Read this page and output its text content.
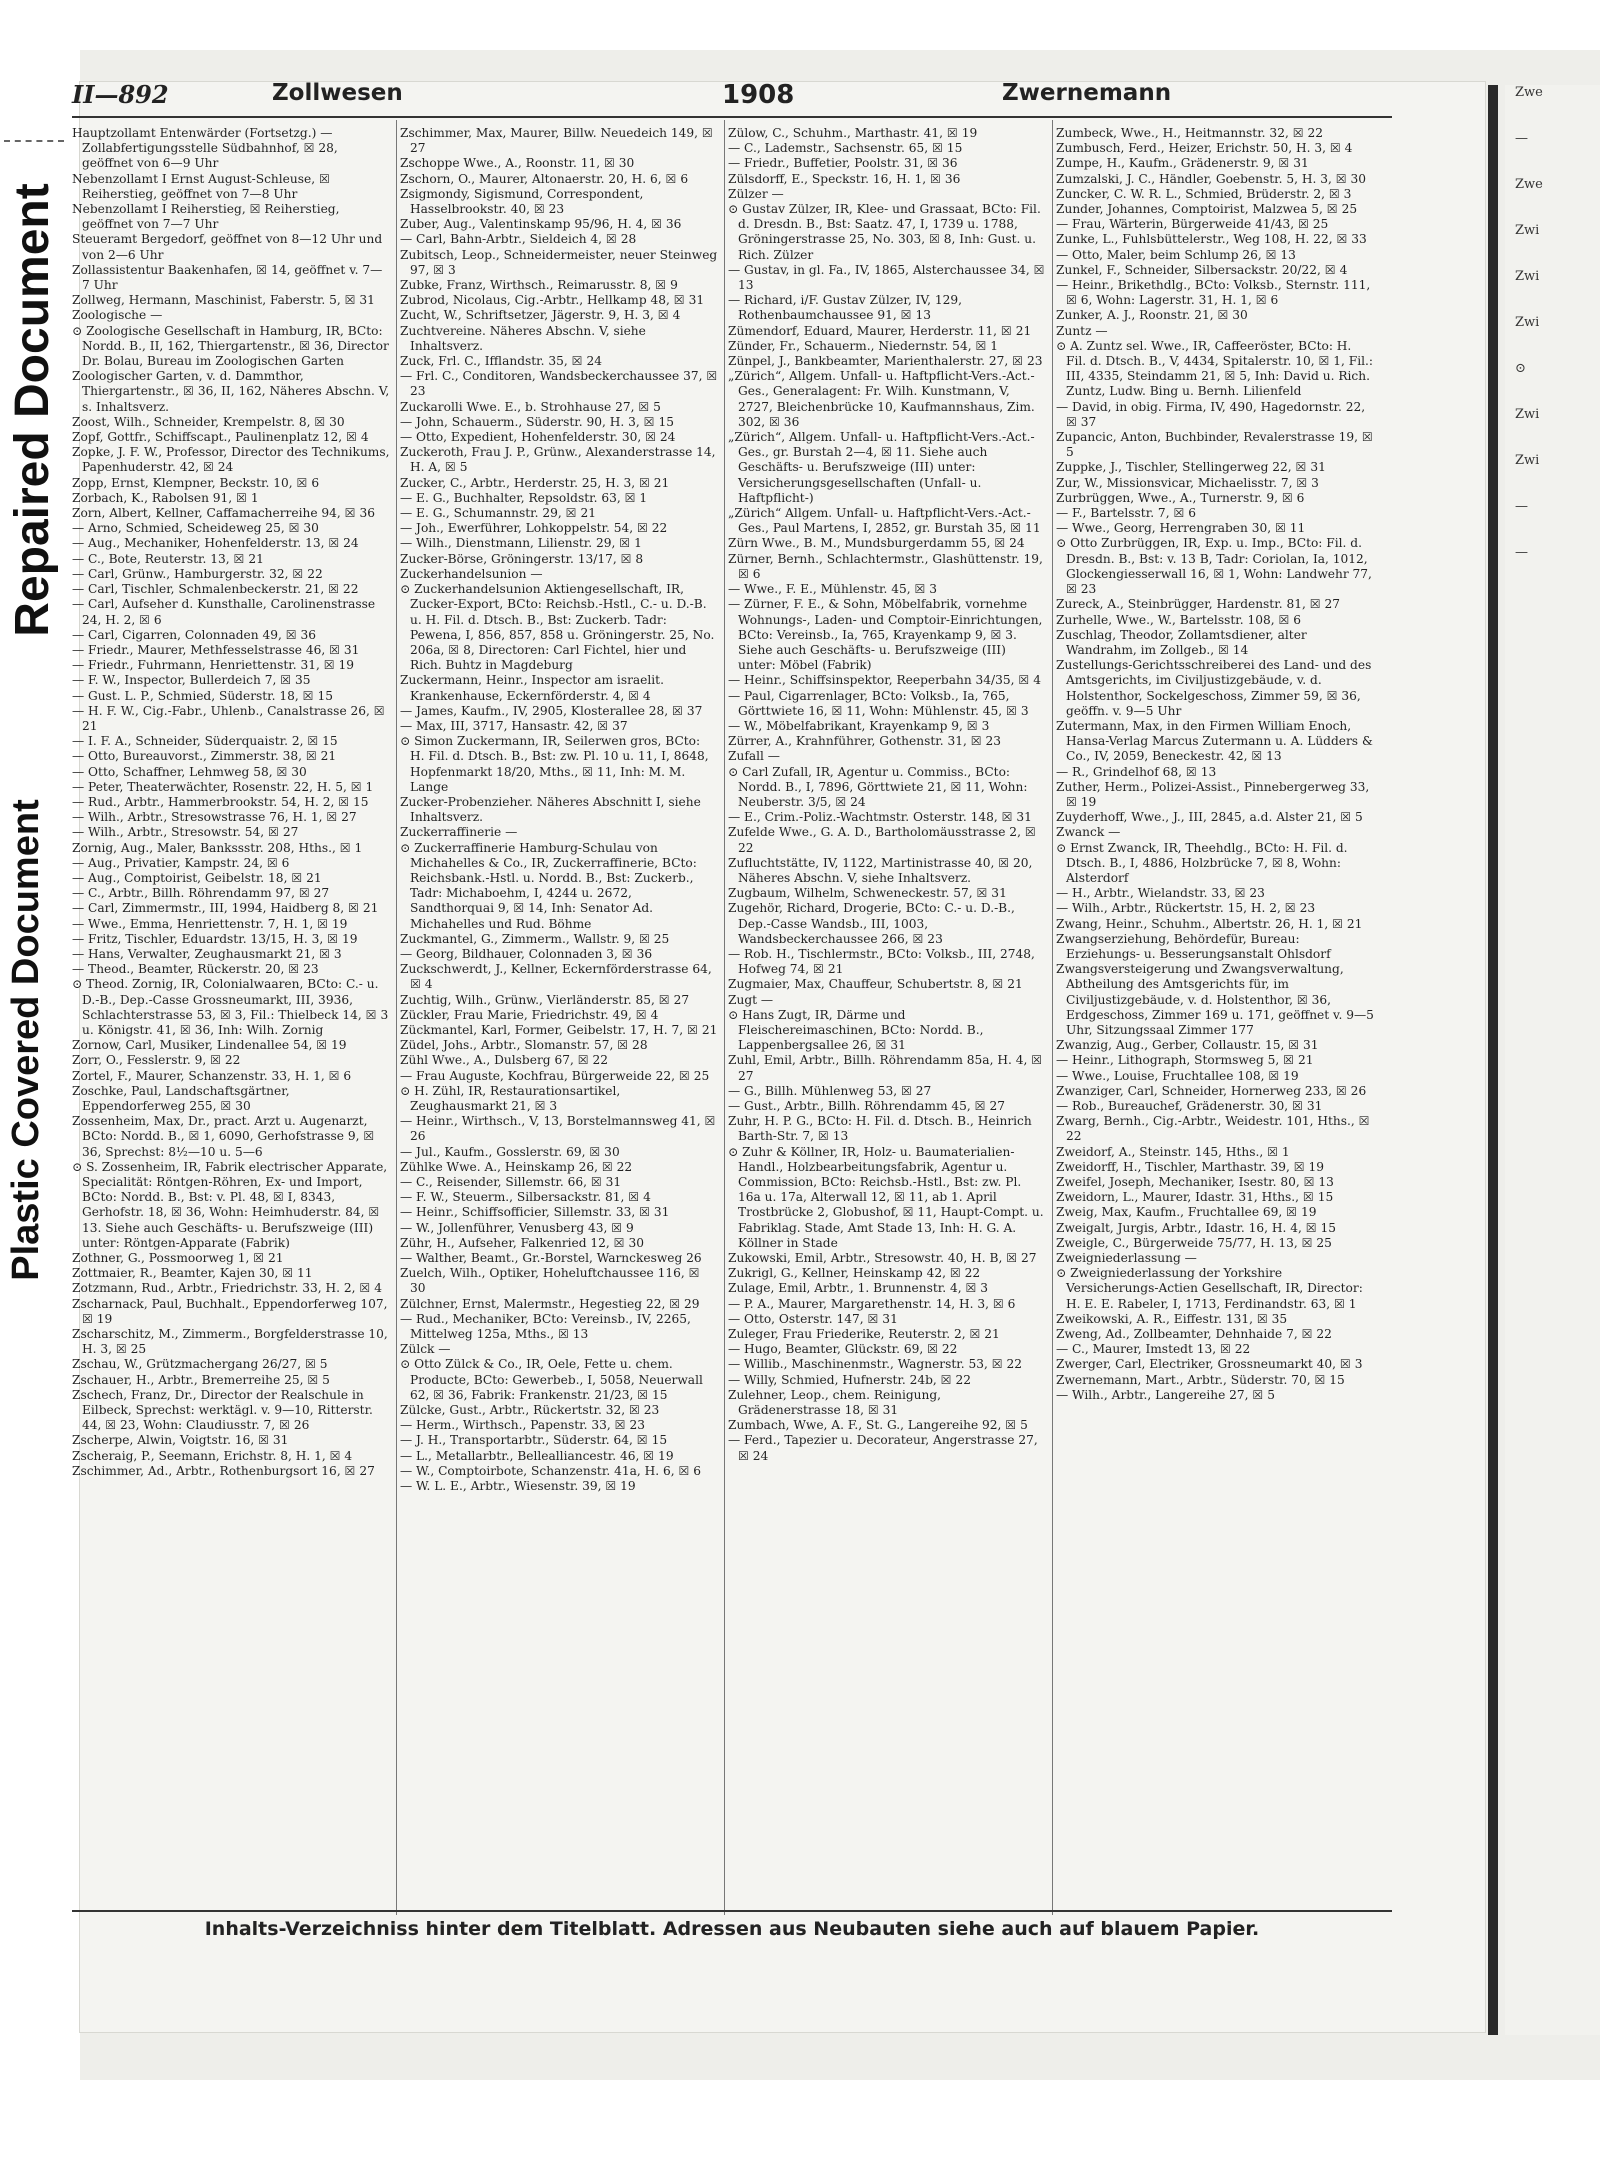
Repaired Document
Plastic Covered Document
Zwe
—
Zwe
Zwi
Zwi
Zwi
⊙
Zwi
Zwi
—
—
II—892	Zollwesen	1908	Zwernemann
Hauptzollamt Entenwärder (Fortsetzg.) — Zollabfertigungsstelle Südbahnhof, ☒ 28, geöffnet von 6—9 Uhr
Nebenzollamt I Ernst August-Schleuse, ☒ Reiherstieg, geöffnet von 7—8 Uhr
Nebenzollamt I Reiherstieg, ☒ Reiherstieg, geöffnet von 7—7 Uhr
Steueramt Bergedorf, geöffnet von 8—12 Uhr und von 2—6 Uhr
Zollassistentur Baakenhafen, ☒ 14, geöffnet v. 7—7 Uhr
Zollweg, Hermann, Maschinist, Faberstr. 5, ☒ 31
Zoologische —
⊙ Zoologische Gesellschaft in Hamburg, IR, BCto: Nordd. B., II, 162, Thiergartenstr., ☒ 36, Director Dr. Bolau, Bureau im Zoologischen Garten
Zoologischer Garten, v. d. Dammthor, Thiergartenstr., ☒ 36, II, 162, Näheres Abschn. V, s. Inhaltsverz.
Zoost, Wilh., Schneider, Krempelstr. 8, ☒ 30
Zopf, Gottfr., Schiffscapt., Paulinenplatz 12, ☒ 4
Zopke, J. F. W., Professor, Director des Technikums, Papenhuderstr. 42, ☒ 24
Zopp, Ernst, Klempner, Beckstr. 10, ☒ 6
Zorbach, K., Rabolsen 91, ☒ 1
Zorn, Albert, Kellner, Caffamacherreihe 94, ☒ 36
— Arno, Schmied, Scheideweg 25, ☒ 30
— Aug., Mechaniker, Hohenfelderstr. 13, ☒ 24
— C., Bote, Reuterstr. 13, ☒ 21
— Carl, Grünw., Hamburgerstr. 32, ☒ 22
— Carl, Tischler, Schmalenbeckerstr. 21, ☒ 22
— Carl, Aufseher d. Kunsthalle, Carolinenstrasse 24, H. 2, ☒ 6
— Carl, Cigarren, Colonnaden 49, ☒ 36
— Friedr., Maurer, Methfesselstrasse 46, ☒ 31
— Friedr., Fuhrmann, Henriettenstr. 31, ☒ 19
— F. W., Inspector, Bullerdeich 7, ☒ 35
— Gust. L. P., Schmied, Süderstr. 18, ☒ 15
— H. F. W., Cig.-Fabr., Uhlenb., Canalstrasse 26, ☒ 21
— I. F. A., Schneider, Süderquaistr. 2, ☒ 15
— Otto, Bureauvorst., Zimmerstr. 38, ☒ 21
— Otto, Schaffner, Lehmweg 58, ☒ 30
— Peter, Theaterwächter, Rosenstr. 22, H. 5, ☒ 1
— Rud., Arbtr., Hammerbrookstr. 54, H. 2, ☒ 15
— Wilh., Arbtr., Stresowstrasse 76, H. 1, ☒ 27
— Wilh., Arbtr., Stresowstr. 54, ☒ 27
Zornig, Aug., Maler, Bankssstr. 208, Hths., ☒ 1
— Aug., Privatier, Kampstr. 24, ☒ 6
— Aug., Comptoirist, Geibelstr. 18, ☒ 21
— C., Arbtr., Billh. Röhrendamm 97, ☒ 27
— Carl, Zimmermstr., III, 1994, Haidberg 8, ☒ 21
— Wwe., Emma, Henriettenstr. 7, H. 1, ☒ 19
— Fritz, Tischler, Eduardstr. 13/15, H. 3, ☒ 19
— Hans, Verwalter, Zeughausmarkt 21, ☒ 3
— Theod., Beamter, Rückerstr. 20, ☒ 23
⊙ Theod. Zornig, IR, Colonialwaaren, BCto: C.- u. D.-B., Dep.-Casse Grossneumarkt, III, 3936, Schlachterstrasse 53, ☒ 3, Fil.: Thielbeck 14, ☒ 3 u. Königstr. 41, ☒ 36, Inh: Wilh. Zornig
Zornow, Carl, Musiker, Lindenallee 54, ☒ 19
Zorr, O., Fesslerstr. 9, ☒ 22
Zortel, F., Maurer, Schanzenstr. 33, H. 1, ☒ 6
Zoschke, Paul, Landschaftsgärtner, Eppendorferweg 255, ☒ 30
Zossenheim, Max, Dr., pract. Arzt u. Augenarzt, BCto: Nordd. B., ☒ 1, 6090, Gerhofstrasse 9, ☒ 36, Sprechst: 8½—10 u. 5—6
⊙ S. Zossenheim, IR, Fabrik electrischer Apparate, Specialität: Röntgen-Röhren, Ex- und Import, BCto: Nordd. B., Bst: v. Pl. 48, ☒ I, 8343, Gerhofstr. 18, ☒ 36, Wohn: Heimhuderstr. 84, ☒ 13. Siehe auch Geschäfts- u. Berufszweige (III) unter: Röntgen-Apparate (Fabrik)
Zothner, G., Possmoorweg 1, ☒ 21
Zottmaier, R., Beamter, Kajen 30, ☒ 11
Zotzmann, Rud., Arbtr., Friedrichstr. 33, H. 2, ☒ 4
Zscharnack, Paul, Buchhalt., Eppendorferweg 107, ☒ 19
Zscharschitz, M., Zimmerm., Borgfelderstrasse 10, H. 3, ☒ 25
Zschau, W., Grützmachergang 26/27, ☒ 5
Zschauer, H., Arbtr., Bremerreihe 25, ☒ 5
Zschech, Franz, Dr., Director der Realschule in Eilbeck, Sprechst: werktägl. v. 9—10, Ritterstr. 44, ☒ 23, Wohn: Claudiusstr. 7, ☒ 26
Zscherpe, Alwin, Voigtstr. 16, ☒ 31
Zscheraig, P., Seemann, Erichstr. 8, H. 1, ☒ 4
Zschimmer, Ad., Arbtr., Rothenburgsort 16, ☒ 27
Zschimmer, Max, Maurer, Billw. Neuedeich 149, ☒ 27
Zschoppe Wwe., A., Roonstr. 11, ☒ 30
Zschorn, O., Maurer, Altonaerstr. 20, H. 6, ☒ 6
Zsigmondy, Sigismund, Correspondent, Hasselbrookstr. 40, ☒ 23
Zuber, Aug., Valentinskamp 95/96, H. 4, ☒ 36
— Carl, Bahn-Arbtr., Sieldeich 4, ☒ 28
Zubitsch, Leop., Schneidermeister, neuer Steinweg 97, ☒ 3
Zubke, Franz, Wirthsch., Reimarusstr. 8, ☒ 9
Zubrod, Nicolaus, Cig.-Arbtr., Hellkamp 48, ☒ 31
Zucht, W., Schriftsetzer, Jägerstr. 9, H. 3, ☒ 4
Zuchtvereine. Näheres Abschn. V, siehe Inhaltsverz.
Zuck, Frl. C., Ifflandstr. 35, ☒ 24
— Frl. C., Conditoren, Wandsbeckerchaussee 37, ☒ 23
Zuckarolli Wwe. E., b. Strohhause 27, ☒ 5
— John, Schauerm., Süderstr. 90, H. 3, ☒ 15
— Otto, Expedient, Hohenfelderstr. 30, ☒ 24
Zuckeroth, Frau J. P., Grünw., Alexanderstrasse 14, H. A, ☒ 5
Zucker, C., Arbtr., Herderstr. 25, H. 3, ☒ 21
— E. G., Buchhalter, Repsoldstr. 63, ☒ 1
— E. G., Schumannstr. 29, ☒ 21
— Joh., Ewerführer, Lohkoppelstr. 54, ☒ 22
— Wilh., Dienstmann, Lilienstr. 29, ☒ 1
Zucker-Börse, Gröningerstr. 13/17, ☒ 8
Zuckerhandelsunion —
⊙ Zuckerhandelsunion Aktiengesellschaft, IR, Zucker-Export, BCto: Reichsb.-Hstl., C.- u. D.-B. u. H. Fil. d. Dtsch. B., Bst: Zuckerb. Tadr: Pewena, I, 856, 857, 858 u. Gröningerstr. 25, No. 206a, ☒ 8, Directoren: Carl Fichtel, hier und Rich. Buhtz in Magdeburg
Zuckermann, Heinr., Inspector am israelit. Krankenhause, Eckernförderstr. 4, ☒ 4
— James, Kaufm., IV, 2905, Klosterallee 28, ☒ 37
— Max, III, 3717, Hansastr. 42, ☒ 37
⊙ Simon Zuckermann, IR, Seilerwen gros, BCto: H. Fil. d. Dtsch. B., Bst: zw. Pl. 10 u. 11, I, 8648, Hopfenmarkt 18/20, Mths., ☒ 11, Inh: M. M. Lange
Zucker-Probenzieher. Näheres Abschnitt I, siehe Inhaltsverz.
Zuckerraffinerie —
⊙ Zuckerraffinerie Hamburg-Schulau von Michahelles & Co., IR, Zuckerraffinerie, BCto: Reichsbank.-Hstl. u. Nordd. B., Bst: Zuckerb., Tadr: Michaboehm, I, 4244 u. 2672, Sandthorquai 9, ☒ 14, Inh: Senator Ad. Michahelles und Rud. Böhme
Zuckmantel, G., Zimmerm., Wallstr. 9, ☒ 25
— Georg, Bildhauer, Colonnaden 3, ☒ 36
Zuckschwerdt, J., Kellner, Eckernförderstrasse 64, ☒ 4
Zuchtig, Wilh., Grünw., Vierländerstr. 85, ☒ 27
Zückler, Frau Marie, Friedrichstr. 49, ☒ 4
Zückmantel, Karl, Former, Geibelstr. 17, H. 7, ☒ 21
Züdel, Johs., Arbtr., Slomanstr. 57, ☒ 28
Zühl Wwe., A., Dulsberg 67, ☒ 22
— Frau Auguste, Kochfrau, Bürgerweide 22, ☒ 25
⊙ H. Zühl, IR, Restaurationsartikel, Zeughausmarkt 21, ☒ 3
— Heinr., Wirthsch., V, 13, Borstelmannsweg 41, ☒ 26
— Jul., Kaufm., Gosslerstr. 69, ☒ 30
Zühlke Wwe. A., Heinskamp 26, ☒ 22
— C., Reisender, Sillemstr. 66, ☒ 31
— F. W., Steuerm., Silbersackstr. 81, ☒ 4
— Heinr., Schiffsofficier, Sillemstr. 33, ☒ 31
— W., Jollenführer, Venusberg 43, ☒ 9
Zühr, H., Aufseher, Falkenried 12, ☒ 30
— Walther, Beamt., Gr.-Borstel, Warnckesweg 26
Zuelch, Wilh., Optiker, Hoheluftchaussee 116, ☒ 30
Zülchner, Ernst, Malermstr., Hegestieg 22, ☒ 29
— Rud., Mechaniker, BCto: Vereinsb., IV, 2265, Mittelweg 125a, Mths., ☒ 13
Zülck —
⊙ Otto Zülck & Co., IR, Oele, Fette u. chem. Producte, BCto: Gewerbeb., I, 5058, Neuerwall 62, ☒ 36, Fabrik: Frankenstr. 21/23, ☒ 15
Zülcke, Gust., Arbtr., Rückertstr. 32, ☒ 23
— Herm., Wirthsch., Papenstr. 33, ☒ 23
— J. H., Transportarbtr., Süderstr. 64, ☒ 15
— L., Metallarbtr., Bellealliancestr. 46, ☒ 19
— W., Comptoirbote, Schanzenstr. 41a, H. 6, ☒ 6
— W. L. E., Arbtr., Wiesenstr. 39, ☒ 19
Zülow, C., Schuhm., Marthastr. 41, ☒ 19
— C., Lademstr., Sachsenstr. 65, ☒ 15
— Friedr., Buffetier, Poolstr. 31, ☒ 36
Zülsdorff, E., Speckstr. 16, H. 1, ☒ 36
Zülzer —
⊙ Gustav Zülzer, IR, Klee- und Grassaat, BCto: Fil. d. Dresdn. B., Bst: Saatz. 47, I, 1739 u. 1788, Gröningerstrasse 25, No. 303, ☒ 8, Inh: Gust. u. Rich. Zülzer
— Gustav, in gl. Fa., IV, 1865, Alsterchaussee 34, ☒ 13
— Richard, i/F. Gustav Zülzer, IV, 129, Rothenbaumchaussee 91, ☒ 13
Zümendorf, Eduard, Maurer, Herderstr. 11, ☒ 21
Zünder, Fr., Schauerm., Niedernstr. 54, ☒ 1
Zünpel, J., Bankbeamter, Marienthalerstr. 27, ☒ 23
„Zürich“, Allgem. Unfall- u. Haftpflicht-Vers.-Act.-Ges., Generalagent: Fr. Wilh. Kunstmann, V, 2727, Bleichenbrücke 10, Kaufmannshaus, Zim. 302, ☒ 36
„Zürich“, Allgem. Unfall- u. Haftpflicht-Vers.-Act.-Ges., gr. Burstah 2—4, ☒ 11. Siehe auch Geschäfts- u. Berufszweige (III) unter: Versicherungsgesellschaften (Unfall- u. Haftpflicht-)
„Zürich“ Allgem. Unfall- u. Haftpflicht-Vers.-Act.-Ges., Paul Martens, I, 2852, gr. Burstah 35, ☒ 11
Zürn Wwe., B. M., Mundsburgerdamm 55, ☒ 24
Zürner, Bernh., Schlachtermstr., Glashüttenstr. 19, ☒ 6
— Wwe., F. E., Mühlenstr. 45, ☒ 3
— Zürner, F. E., & Sohn, Möbelfabrik, vornehme Wohnungs-, Laden- und Comptoir-Einrichtungen, BCto: Vereinsb., Ia, 765, Krayenkamp 9, ☒ 3. Siehe auch Geschäfts- u. Berufszweige (III) unter: Möbel (Fabrik)
— Heinr., Schiffsinspektor, Reeperbahn 34/35, ☒ 4
— Paul, Cigarrenlager, BCto: Volksb., Ia, 765, Görttwiete 16, ☒ 11, Wohn: Mühlenstr. 45, ☒ 3
— W., Möbelfabrikant, Krayenkamp 9, ☒ 3
Zürrer, A., Krahnführer, Gothenstr. 31, ☒ 23
Zufall —
⊙ Carl Zufall, IR, Agentur u. Commiss., BCto: Nordd. B., I, 7896, Görttwiete 21, ☒ 11, Wohn: Neuberstr. 3/5, ☒ 24
— E., Crim.-Poliz.-Wachtmstr. Osterstr. 148, ☒ 31
Zufelde Wwe., G. A. D., Bartholomäusstrasse 2, ☒ 22
Zufluchtstätte, IV, 1122, Martinistrasse 40, ☒ 20, Näheres Abschn. V, siehe Inhaltsverz.
Zugbaum, Wilhelm, Schweneckestr. 57, ☒ 31
Zugehör, Richard, Drogerie, BCto: C.- u. D.-B., Dep.-Casse Wandsb., III, 1003, Wandsbeckerchaussee 266, ☒ 23
— Rob. H., Tischlermstr., BCto: Volksb., III, 2748, Hofweg 74, ☒ 21
Zugmaier, Max, Chauffeur, Schubertstr. 8, ☒ 21
Zugt —
⊙ Hans Zugt, IR, Därme und Fleischereimaschinen, BCto: Nordd. B., Lappenbergsallee 26, ☒ 31
Zuhl, Emil, Arbtr., Billh. Röhrendamm 85a, H. 4, ☒ 27
— G., Billh. Mühlenweg 53, ☒ 27
— Gust., Arbtr., Billh. Röhrendamm 45, ☒ 27
Zuhr, H. P. G., BCto: H. Fil. d. Dtsch. B., Heinrich Barth-Str. 7, ☒ 13
⊙ Zuhr & Köllner, IR, Holz- u. Baumaterialien-Handl., Holzbearbeitungsfabrik, Agentur u. Commission, BCto: Reichsb.-Hstl., Bst: zw. Pl. 16a u. 17a, Alterwall 12, ☒ 11, ab 1. April Trostbrücke 2, Globushof, ☒ 11, Haupt-Compt. u. Fabriklag. Stade, Amt Stade 13, Inh: H. G. A. Köllner in Stade
Zukowski, Emil, Arbtr., Stresowstr. 40, H. B, ☒ 27
Zukrigl, G., Kellner, Heinskamp 42, ☒ 22
Zulage, Emil, Arbtr., 1. Brunnenstr. 4, ☒ 3
— P. A., Maurer, Margarethenstr. 14, H. 3, ☒ 6
— Otto, Osterstr. 147, ☒ 31
Zuleger, Frau Friederike, Reuterstr. 2, ☒ 21
— Hugo, Beamter, Glückstr. 69, ☒ 22
— Willib., Maschinenmstr., Wagnerstr. 53, ☒ 22
— Willy, Schmied, Hufnerstr. 24b, ☒ 22
Zulehner, Leop., chem. Reinigung, Grädenerstrasse 18, ☒ 31
Zumbach, Wwe, A. F., St. G., Langereihe 92, ☒ 5
— Ferd., Tapezier u. Decorateur, Angerstrasse 27, ☒ 24
Zumbeck, Wwe., H., Heitmannstr. 32, ☒ 22
Zumbusch, Ferd., Heizer, Erichstr. 50, H. 3, ☒ 4
Zumpe, H., Kaufm., Grädenerstr. 9, ☒ 31
Zumzalski, J. C., Händler, Goebenstr. 5, H. 3, ☒ 30
Zuncker, C. W. R. L., Schmied, Brüderstr. 2, ☒ 3
Zunder, Johannes, Comptoirist, Malzwea 5, ☒ 25
— Frau, Wärterin, Bürgerweide 41/43, ☒ 25
Zunke, L., Fuhlsbüttelerstr., Weg 108, H. 22, ☒ 33
— Otto, Maler, beim Schlump 26, ☒ 13
Zunkel, F., Schneider, Silbersackstr. 20/22, ☒ 4
— Heinr., Brikethdlg., BCto: Volksb., Sternstr. 111, ☒ 6, Wohn: Lagerstr. 31, H. 1, ☒ 6
Zunker, A. J., Roonstr. 21, ☒ 30
Zuntz —
⊙ A. Zuntz sel. Wwe., IR, Caffeeröster, BCto: H. Fil. d. Dtsch. B., V, 4434, Spitalerstr. 10, ☒ 1, Fil.: III, 4335, Steindamm 21, ☒ 5, Inh: David u. Rich. Zuntz, Ludw. Bing u. Bernh. Lilienfeld
— David, in obig. Firma, IV, 490, Hagedornstr. 22, ☒ 37
Zupancic, Anton, Buchbinder, Revalerstrasse 19, ☒ 5
Zuppke, J., Tischler, Stellingerweg 22, ☒ 31
Zur, W., Missionsvicar, Michaelisstr. 7, ☒ 3
Zurbrüggen, Wwe., A., Turnerstr. 9, ☒ 6
— F., Bartelsstr. 7, ☒ 6
— Wwe., Georg, Herrengraben 30, ☒ 11
⊙ Otto Zurbrüggen, IR, Exp. u. Imp., BCto: Fil. d. Dresdn. B., Bst: v. 13 B, Tadr: Coriolan, Ia, 1012, Glockengiesserwall 16, ☒ 1, Wohn: Landwehr 77, ☒ 23
Zureck, A., Steinbrügger, Hardenstr. 81, ☒ 27
Zurhelle, Wwe., W., Bartelsstr. 108, ☒ 6
Zuschlag, Theodor, Zollamtsdiener, alter Wandrahm, im Zollgeb., ☒ 14
Zustellungs-Gerichtsschreiberei des Land- und des Amtsgerichts, im Civiljustizgebäude, v. d. Holstenthor, Sockelgeschoss, Zimmer 59, ☒ 36, geöffn. v. 9—5 Uhr
Zutermann, Max, in den Firmen William Enoch, Hansa-Verlag Marcus Zutermann u. A. Lüdders & Co., IV, 2059, Beneckestr. 42, ☒ 13
— R., Grindelhof 68, ☒ 13
Zuther, Herm., Polizei-Assist., Pinnebergerweg 33, ☒ 19
Zuyderhoff, Wwe., J., III, 2845, a.d. Alster 21, ☒ 5
Zwanck —
⊙ Ernst Zwanck, IR, Theehdlg., BCto: H. Fil. d. Dtsch. B., I, 4886, Holzbrücke 7, ☒ 8, Wohn: Alsterdorf
— H., Arbtr., Wielandstr. 33, ☒ 23
— Wilh., Arbtr., Rückertstr. 15, H. 2, ☒ 23
Zwang, Heinr., Schuhm., Albertstr. 26, H. 1, ☒ 21
Zwangserziehung, Behördefür, Bureau: Erziehungs- u. Besserungsanstalt Ohlsdorf
Zwangsversteigerung und Zwangsverwaltung, Abtheilung des Amtsgerichts für, im Civiljustizgebäude, v. d. Holstenthor, ☒ 36, Erdgeschoss, Zimmer 169 u. 171, geöffnet v. 9—5 Uhr, Sitzungssaal Zimmer 177
Zwanzig, Aug., Gerber, Collaustr. 15, ☒ 31
— Heinr., Lithograph, Stormsweg 5, ☒ 21
— Wwe., Louise, Fruchtallee 108, ☒ 19
Zwanziger, Carl, Schneider, Hornerweg 233, ☒ 26
— Rob., Bureauchef, Grädenerstr. 30, ☒ 31
Zwarg, Bernh., Cig.-Arbtr., Weidestr. 101, Hths., ☒ 22
Zweidorf, A., Steinstr. 145, Hths., ☒ 1
Zweidorff, H., Tischler, Marthastr. 39, ☒ 19
Zweifel, Joseph, Mechaniker, Isestr. 80, ☒ 13
Zweidorn, L., Maurer, Idastr. 31, Hths., ☒ 15
Zweig, Max, Kaufm., Fruchtallee 69, ☒ 19
Zweigalt, Jurgis, Arbtr., Idastr. 16, H. 4, ☒ 15
Zweigle, C., Bürgerweide 75/77, H. 13, ☒ 25
Zweigniederlassung —
⊙ Zweigniederlassung der Yorkshire Versicherungs-Actien Gesellschaft, IR, Director: H. E. E. Rabeler, I, 1713, Ferdinandstr. 63, ☒ 1
Zweikowski, A. R., Eiffestr. 131, ☒ 35
Zweng, Ad., Zollbeamter, Dehnhaide 7, ☒ 22
— C., Maurer, Imstedt 13, ☒ 22
Zwerger, Carl, Electriker, Grossneumarkt 40, ☒ 3
Zwernemann, Mart., Arbtr., Süderstr. 70, ☒ 15
— Wilh., Arbtr., Langereihe 27, ☒ 5
Inhalts-Verzeichniss hinter dem Titelblatt. Adressen aus Neubauten siehe auch auf blauem Papier.
